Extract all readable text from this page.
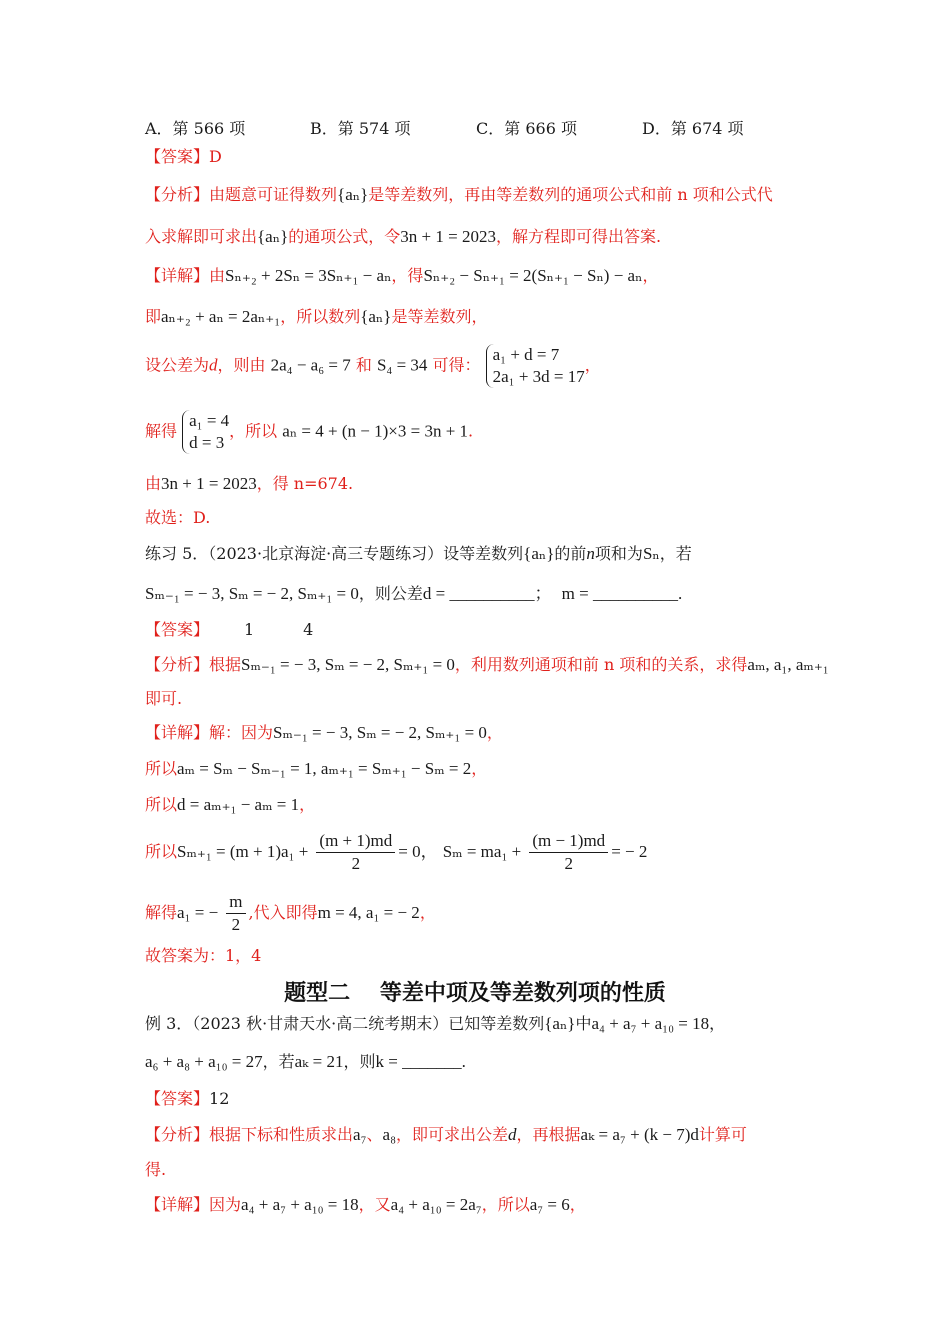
A．第 566 项	B．第 574 项	C．第 666 项	D．第 674 项
【答案】D
【分析】由题意可证得数列{aₙ}是等差数列，再由等差数列的通项公式和前 n 项和公式代
入求解即可求出{aₙ}的通项公式，令3n + 1 = 2023，解方程即可得出答案.
【详解】由Sₙ₊₂ + 2Sₙ = 3Sₙ₊₁ − aₙ，得Sₙ₊₂ − Sₙ₊₁ = 2(Sₙ₊₁ − Sₙ) − aₙ，
即aₙ₊₂ + aₙ = 2aₙ₊₁，所以数列{aₙ}是等差数列，
设公差为d，则由 2a₄ − a₆ = 7 和 S₄ = 34 可得：
a₁ + d = 7
2a₁ + 3d = 17
，
解得
a₁ = 4
d = 3
，所以 aₙ = 4 + (n − 1)×3 = 3n + 1.
由3n + 1 = 2023，得 n=674.
故选：D.
练习 5．（2023·北京海淀·高三专题练习）设等差数列{aₙ}的前n项和为Sₙ，若
Sₘ₋₁ = − 3, Sₘ = − 2, Sₘ₊₁ = 0，则公差d = __________； m = __________.
【答案】 1	4
【分析】根据Sₘ₋₁ = − 3, Sₘ = − 2, Sₘ₊₁ = 0，利用数列通项和前 n 项和的关系，求得aₘ, a₁, aₘ₊₁
即可.
【详解】解：因为Sₘ₋₁ = − 3, Sₘ = − 2, Sₘ₊₁ = 0，
所以aₘ = Sₘ − Sₘ₋₁ = 1, aₘ₊₁ = Sₘ₊₁ − Sₘ = 2，
所以d = aₘ₊₁ − aₘ = 1，
所以$S_{m+1} = (m + 1)a_1 + \frac{(m + 1)md}{2} = 0$， $S_m = ma_1 + \frac{(m - 1)md}{2}$ = − 2
解得a₁ = − $\frac{m}{2}$ ,代入即得m = 4, a₁ = − 2，
故答案为：1，4
题型二　 等差中项及等差数列项的性质
例 3．（2023 秋·甘肃天水·高二统考期末）已知等差数列{aₙ}中a₄ + a₇ + a₁₀ = 18，
a₆ + a₈ + a₁₀ = 27，若aₖ = 21，则k = _______.
【答案】12
【分析】根据下标和性质求出a₇、a₈，即可求出公差d，再根据aₖ = a₇ + (k − 7)d计算可
得.
【详解】因为a₄ + a₇ + a₁₀ = 18，又a₄ + a₁₀ = 2a₇，所以a₇ = 6，
